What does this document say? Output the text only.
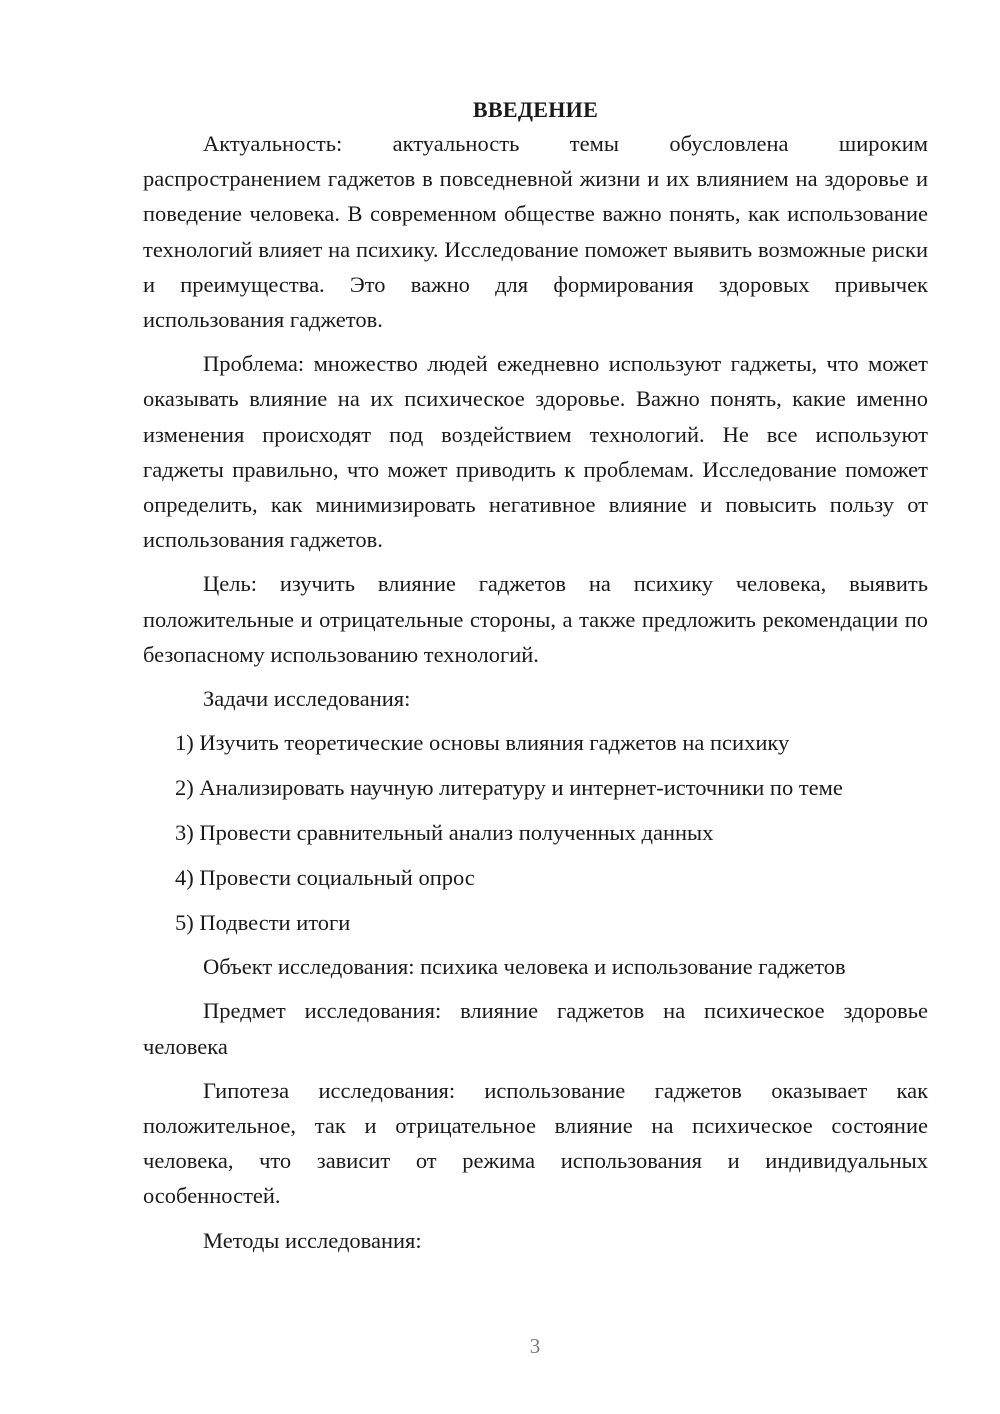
ВВЕДЕНИЕ

Актуальность: актуальность темы обусловлена широким распространением гаджетов в повседневной жизни и их влиянием на здоровье и поведение человека. В современном обществе важно понять, как использование технологий влияет на психику. Исследование поможет выявить возможные риски и преимущества. Это важно для формирования здоровых привычек использования гаджетов.

Проблема: множество людей ежедневно используют гаджеты, что может оказывать влияние на их психическое здоровье. Важно понять, какие именно изменения происходят под воздействием технологий. Не все используют гаджеты правильно, что может приводить к проблемам. Исследование поможет определить, как минимизировать негативное влияние и повысить пользу от использования гаджетов.

Цель: изучить влияние гаджетов на психику человека, выявить положительные и отрицательные стороны, а также предложить рекомендации по безопасному использованию технологий.

Задачи исследования:

1) Изучить теоретические основы влияния гаджетов на психику
2) Анализировать научную литературу и интернет-источники по теме
3) Провести сравнительный анализ полученных данных
4) Провести социальный опрос
5) Подвести итоги

Объект исследования: психика человека и использование гаджетов

Предмет исследования: влияние гаджетов на психическое здоровье человека

Гипотеза исследования: использование гаджетов оказывает как положительное, так и отрицательное влияние на психическое состояние человека, что зависит от режима использования и индивидуальных особенностей.

Методы исследования:

3
